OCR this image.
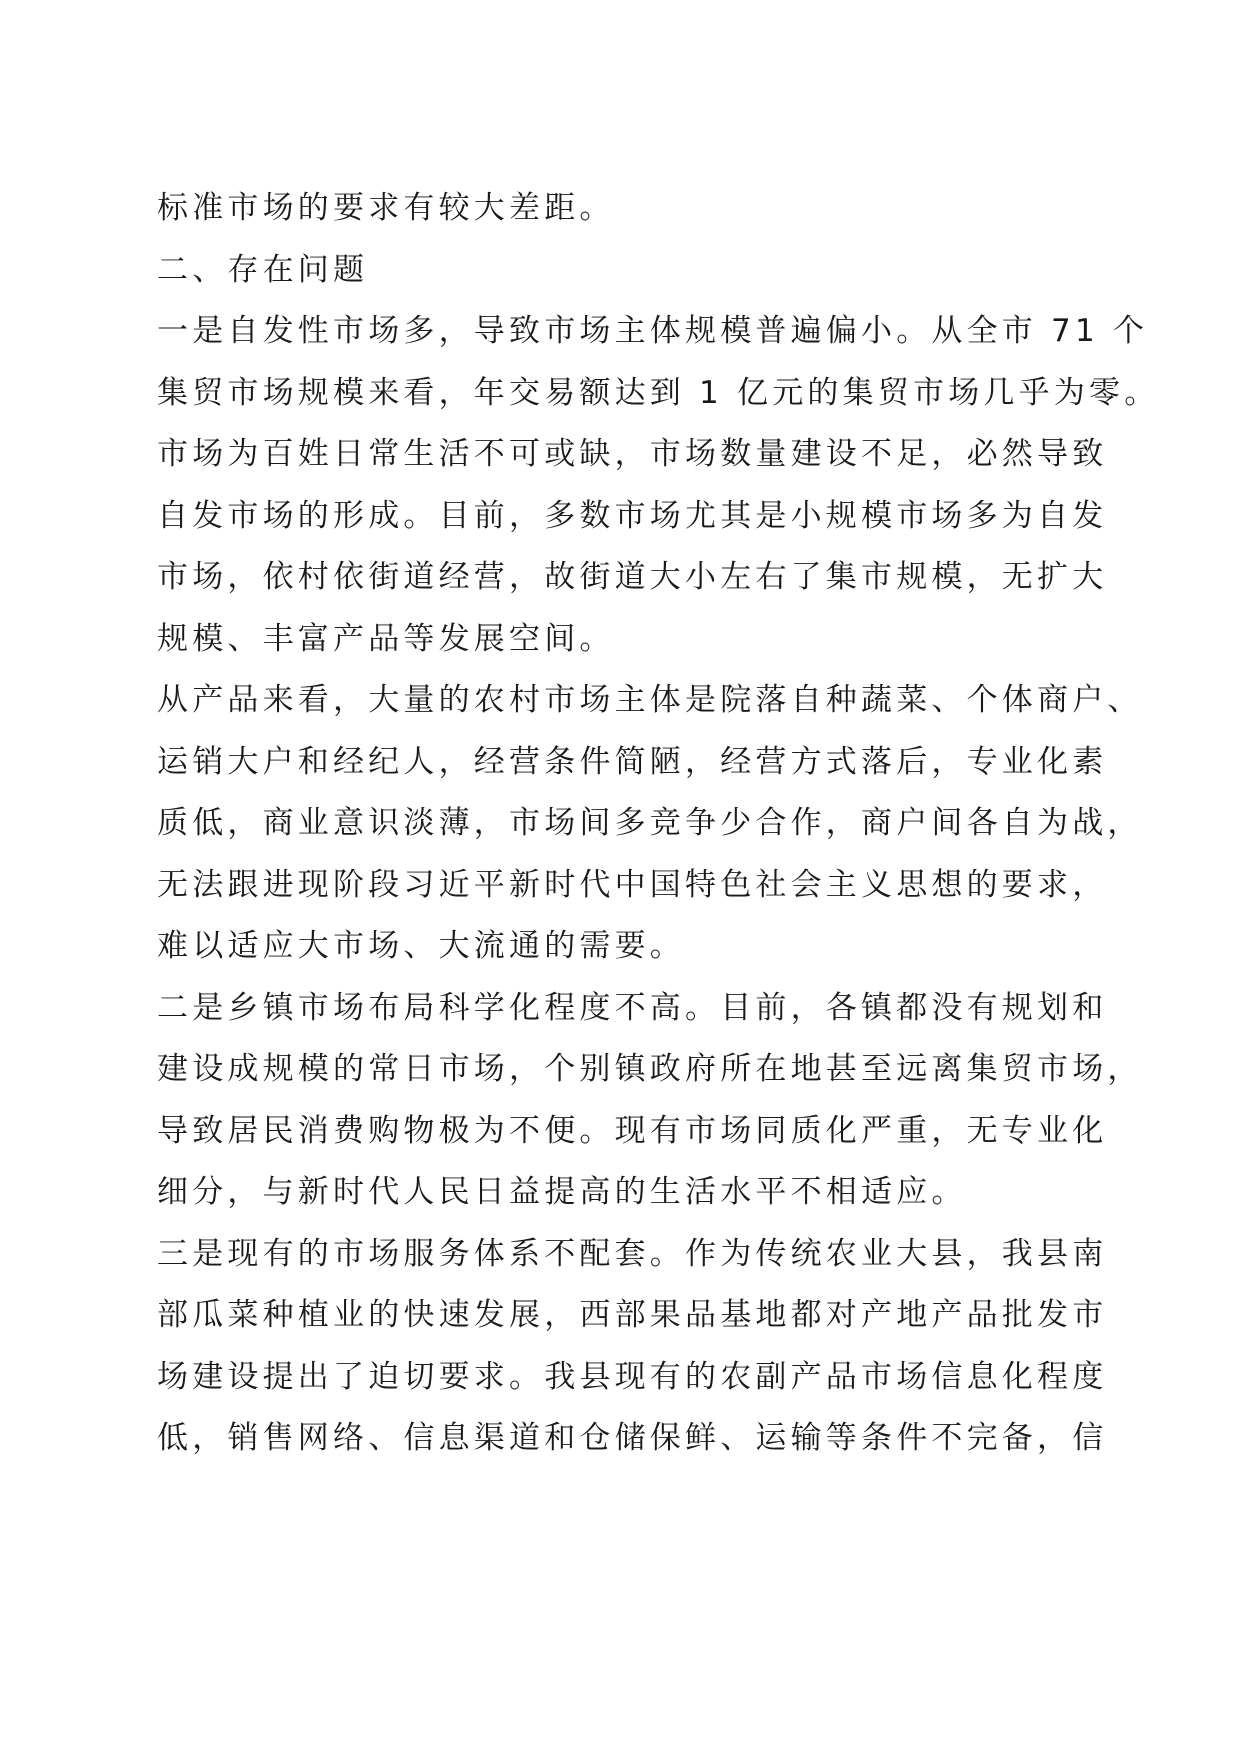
标准市场的要求有较大差距。
二、存在问题
一是自发性市场多，导致市场主体规模普遍偏小。从全市 71 个
集贸市场规模来看，年交易额达到 1 亿元的集贸市场几乎为零。
市场为百姓日常生活不可或缺，市场数量建设不足，必然导致
自发市场的形成。目前，多数市场尤其是小规模市场多为自发
市场，依村依街道经营，故街道大小左右了集市规模，无扩大
规模、丰富产品等发展空间。
从产品来看，大量的农村市场主体是院落自种蔬菜、个体商户、
运销大户和经纪人，经营条件简陋，经营方式落后，专业化素
质低，商业意识淡薄，市场间多竞争少合作，商户间各自为战，
无法跟进现阶段习近平新时代中国特色社会主义思想的要求，
难以适应大市场、大流通的需要。
二是乡镇市场布局科学化程度不高。目前，各镇都没有规划和
建设成规模的常日市场，个别镇政府所在地甚至远离集贸市场，
导致居民消费购物极为不便。现有市场同质化严重，无专业化
细分，与新时代人民日益提高的生活水平不相适应。
三是现有的市场服务体系不配套。作为传统农业大县，我县南
部瓜菜种植业的快速发展，西部果品基地都对产地产品批发市
场建设提出了迫切要求。我县现有的农副产品市场信息化程度
低，销售网络、信息渠道和仓储保鲜、运输等条件不完备，信
